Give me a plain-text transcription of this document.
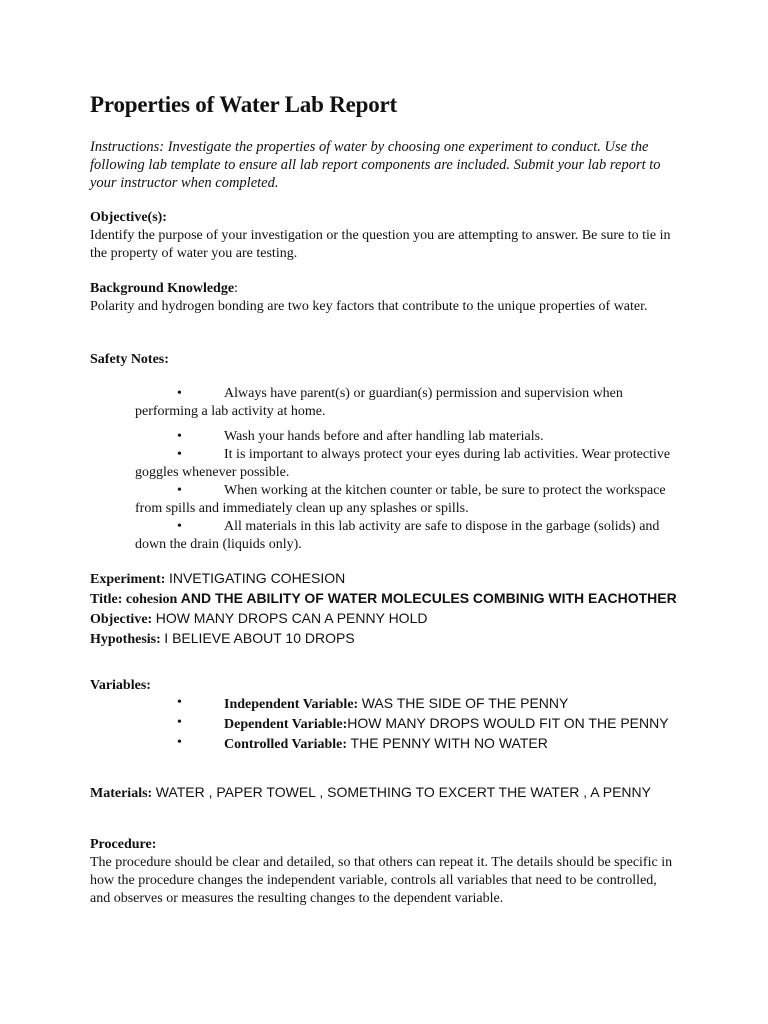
Properties of Water Lab Report
Instructions: Investigate the properties of water by choosing one experiment to conduct. Use the following lab template to ensure all lab report components are included. Submit your lab report to your instructor when completed.
Objective(s):
Identify the purpose of your investigation or the question you are attempting to answer. Be sure to tie in the property of water you are testing.
Background Knowledge:
Polarity and hydrogen bonding are two key factors that contribute to the unique properties of water.
Safety Notes:
•	Always have parent(s) or guardian(s) permission and supervision when performing a lab activity at home.
•	Wash your hands before and after handling lab materials.
•	It is important to always protect your eyes during lab activities. Wear protective goggles whenever possible.
•	When working at the kitchen counter or table, be sure to protect the workspace from spills and immediately clean up any splashes or spills.
•	All materials in this lab activity are safe to dispose in the garbage (solids) and down the drain (liquids only).
Experiment: INVETIGATING COHESION
Title: cohesion AND THE ABILITY OF WATER MOLECULES COMBINIG WITH EACHOTHER
Objective: HOW MANY DROPS CAN A PENNY HOLD
Hypothesis: I BELIEVE ABOUT 10 DROPS
Variables:
•	Independent Variable: WAS THE SIDE OF THE PENNY
•	Dependent Variable:HOW MANY DROPS WOULD FIT ON THE PENNY
•	Controlled Variable: THE PENNY WITH NO WATER
Materials: WATER , PAPER TOWEL , SOMETHING TO EXCERT THE WATER , A PENNY
Procedure:
The procedure should be clear and detailed, so that others can repeat it. The details should be specific in how the procedure changes the independent variable, controls all variables that need to be controlled, and observes or measures the resulting changes to the dependent variable.
